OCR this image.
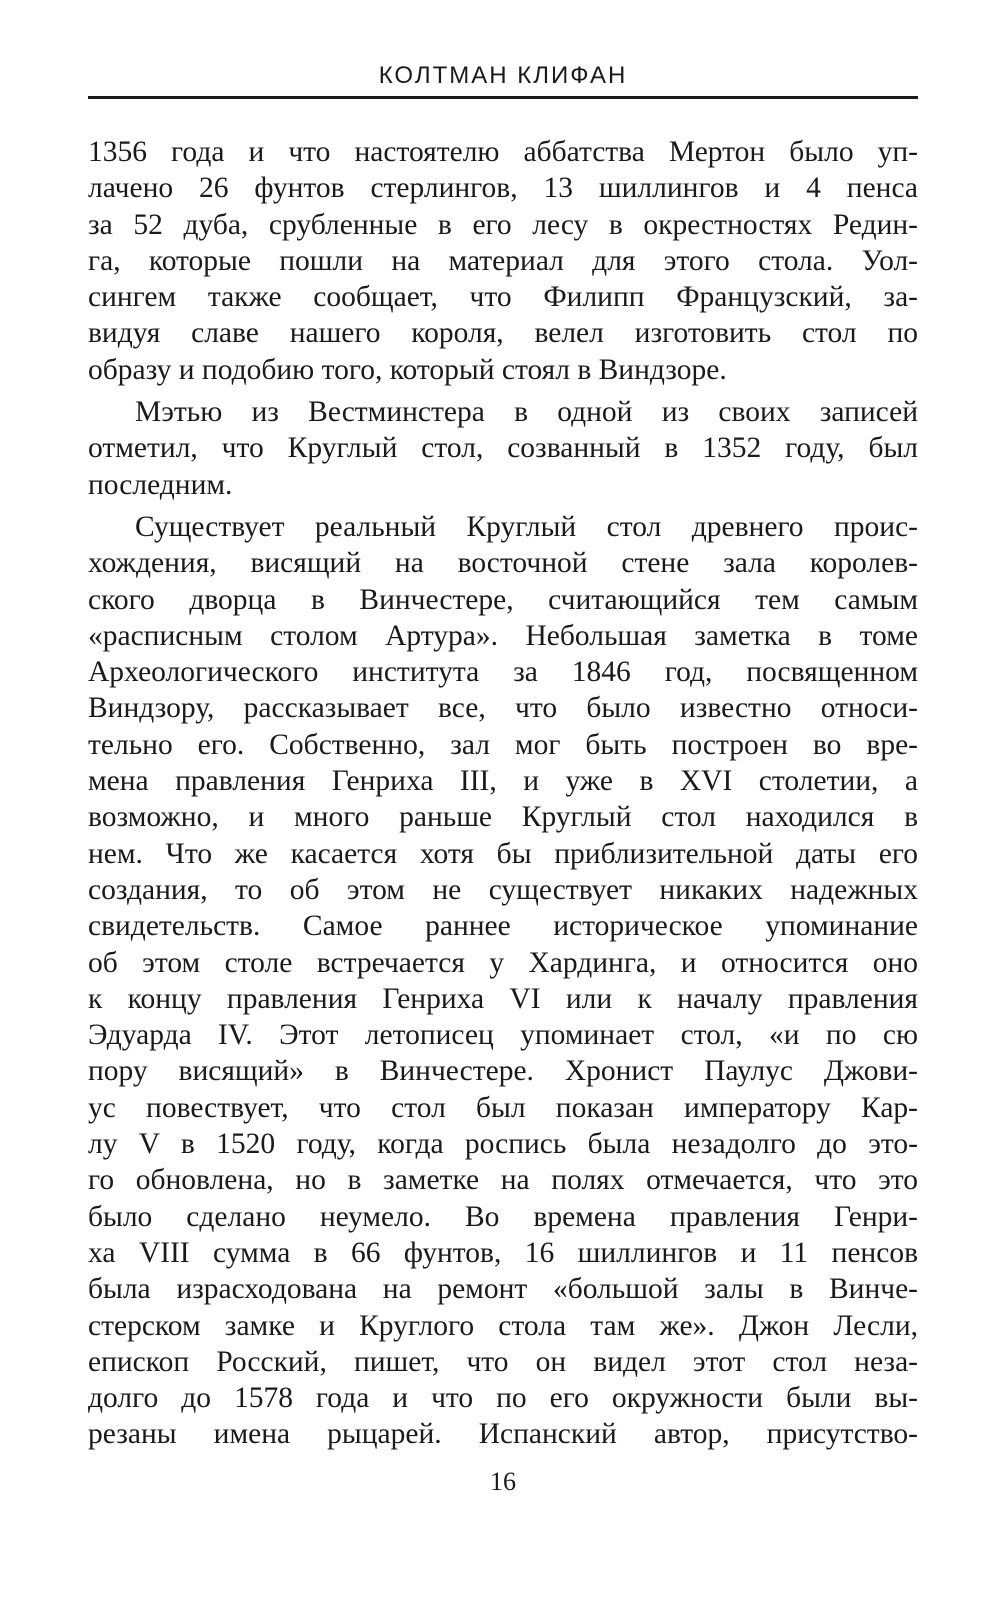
КОЛТМАН КЛИФАН
1356 года и что настоятелю аббатства Мертон было уп-
лачено 26 фунтов стерлингов, 13 шиллингов и 4 пенса
за 52 дуба, срубленные в его лесу в окрестностях Редин-
га, которые пошли на материал для этого стола. Уол-
сингем также сообщает, что Филипп Французский, за-
видуя славе нашего короля, велел изготовить стол по
образу и подобию того, который стоял в Виндзоре.
Мэтью из Вестминстера в одной из своих записей
отметил, что Круглый стол, созванный в 1352 году, был
последним.
Существует реальный Круглый стол древнего проис-
хождения, висящий на восточной стене зала королев-
ского дворца в Винчестере, считающийся тем самым
«расписным столом Артура». Небольшая заметка в томе
Археологического института за 1846 год, посвященном
Виндзору, рассказывает все, что было известно относи-
тельно его. Собственно, зал мог быть построен во вре-
мена правления Генриха III, и уже в XVI столетии, а
возможно, и много раньше Круглый стол находился в
нем. Что же касается хотя бы приблизительной даты его
создания, то об этом не существует никаких надежных
свидетельств. Самое раннее историческое упоминание
об этом столе встречается у Хардинга, и относится оно
к концу правления Генриха VI или к началу правления
Эдуарда IV. Этот летописец упоминает стол, «и по сю
пору висящий» в Винчестере. Хронист Паулус Джови-
ус повествует, что стол был показан императору Кар-
лу V в 1520 году, когда роспись была незадолго до это-
го обновлена, но в заметке на полях отмечается, что это
было сделано неумело. Во времена правления Генри-
ха VIII сумма в 66 фунтов, 16 шиллингов и 11 пенсов
была израсходована на ремонт «большой залы в Винче-
стерском замке и Круглого стола там же». Джон Лесли,
епископ Росский, пишет, что он видел этот стол неза-
долго до 1578 года и что по его окружности были вы-
резаны имена рыцарей. Испанский автор, присутство-
16
